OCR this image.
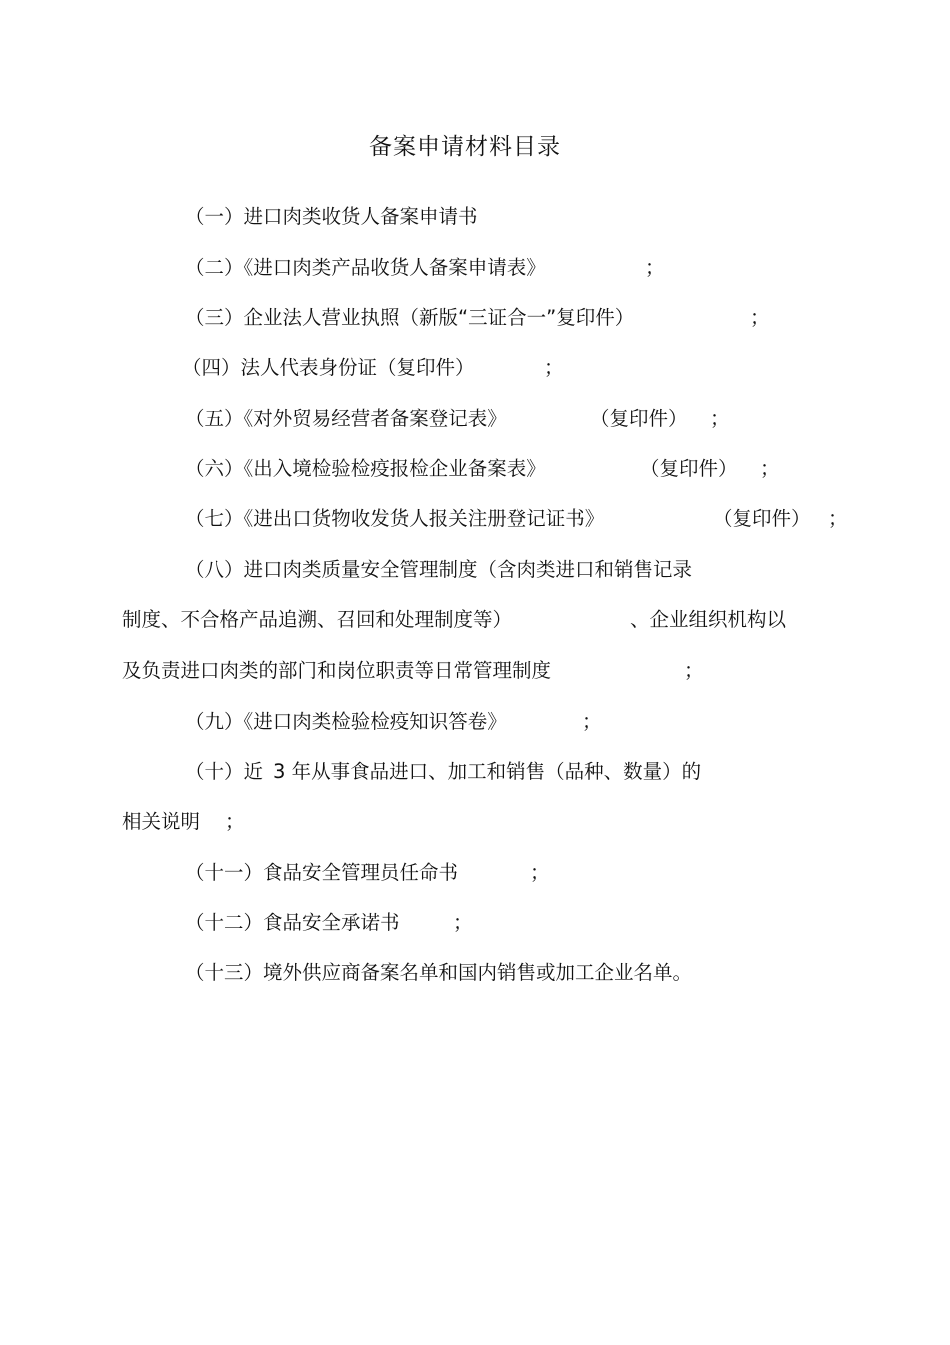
备案申请材料目录
（一）进口肉类收货人备案申请书
（二）《进口肉类产品收货人备案申请表》	；
（三）企业法人营业执照（新版“三证合一”复印件）	；
（四）法人代表身份证（复印件）	；
（五）《对外贸易经营者备案登记表》	（复印件） ；
（六）《出入境检验检疫报检企业备案表》	（复印件） ；
（七）《进出口货物收发货人报关注册登记证书》	（复印件） ；
（八）进口肉类质量安全管理制度（含肉类进口和销售记录
制度、不合格产品追溯、召回和处理制度等）	、企业组织机构以
及负责进口肉类的部门和岗位职责等日常管理制度	；
（九）《进口肉类检验检疫知识答卷》	；
（十）近 3 年从事食品进口、加工和销售（品种、数量）的
相关说明 ；
（十一）食品安全管理员任命书	；
（十二）食品安全承诺书	；
（十三）境外供应商备案名单和国内销售或加工企业名单。
